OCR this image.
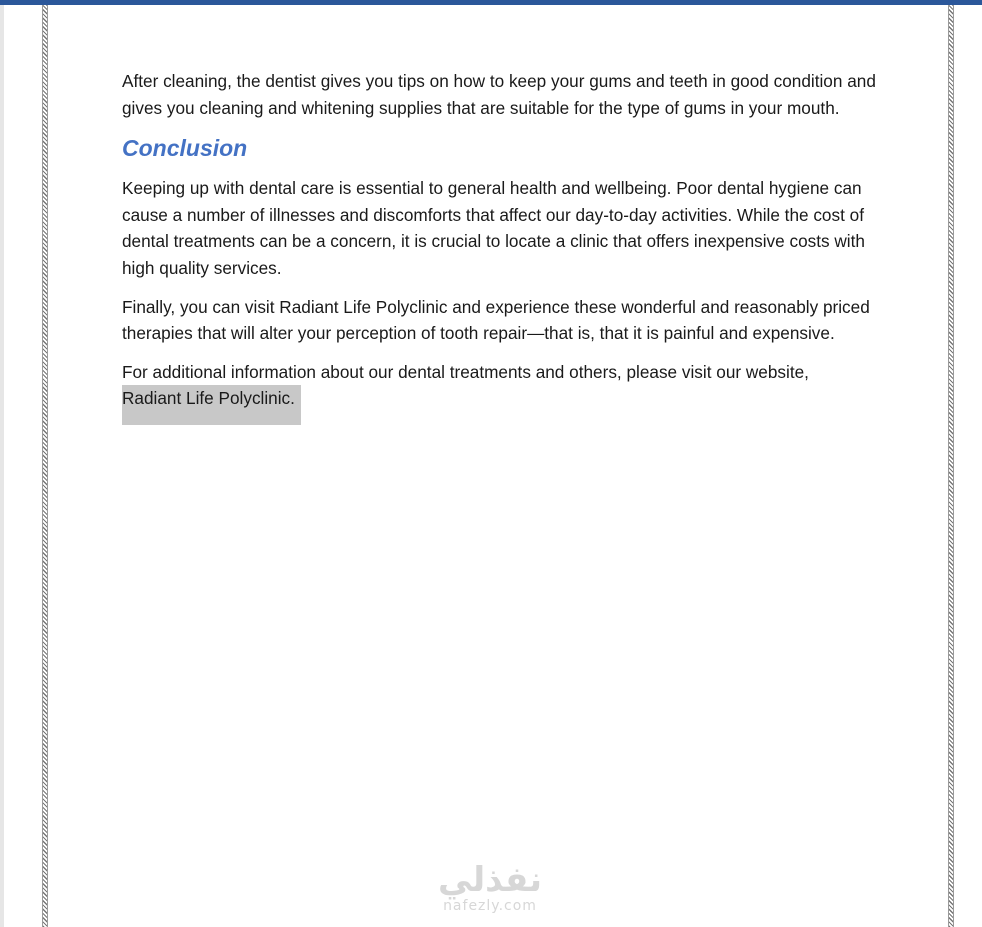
After cleaning, the dentist gives you tips on how to keep your gums and teeth in good condition and gives you cleaning and whitening supplies that are suitable for the type of gums in your mouth.

Conclusion

Keeping up with dental care is essential to general health and wellbeing. Poor dental hygiene can cause a number of illnesses and discomforts that affect our day-to-day activities. While the cost of dental treatments can be a concern, it is crucial to locate a clinic that offers inexpensive costs with high quality services.

Finally, you can visit Radiant Life Polyclinic and experience these wonderful and reasonably priced therapies that will alter your perception of tooth repair—that is, that it is painful and expensive.

For additional information about our dental treatments and others, please visit our website,
Radiant Life Polyclinic.

نفذلي
nafezly.com
